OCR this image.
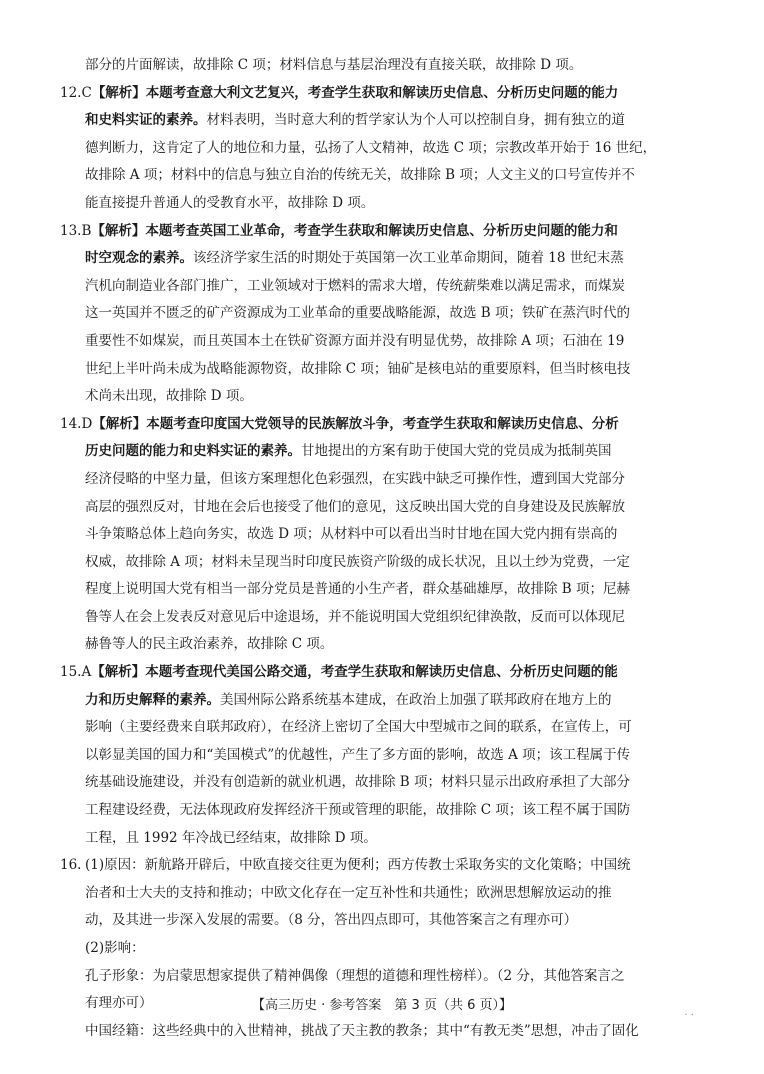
部分的片面解读，故排除 C 项；材料信息与基层治理没有直接关联，故排除 D 项。
12.C【解析】本题考查意大利文艺复兴，考查学生获取和解读历史信息、分析历史问题的能力
和史料实证的素养。材料表明，当时意大利的哲学家认为个人可以控制自身，拥有独立的道
德判断力，这肯定了人的地位和力量，弘扬了人文精神，故选 C 项；宗教改革开始于 16 世纪，
故排除 A 项；材料中的信息与独立自治的传统无关，故排除 B 项；人文主义的口号宣传并不
能直接提升普通人的受教育水平，故排除 D 项。
13.B【解析】本题考查英国工业革命，考查学生获取和解读历史信息、分析历史问题的能力和
时空观念的素养。该经济学家生活的时期处于英国第一次工业革命期间，随着 18 世纪末蒸
汽机向制造业各部门推广，工业领域对于燃料的需求大增，传统薪柴难以满足需求，而煤炭
这一英国并不匮乏的矿产资源成为工业革命的重要战略能源，故选 B 项；铁矿在蒸汽时代的
重要性不如煤炭，而且英国本土在铁矿资源方面并没有明显优势，故排除 A 项；石油在 19
世纪上半叶尚未成为战略能源物资，故排除 C 项；铀矿是核电站的重要原料，但当时核电技
术尚未出现，故排除 D 项。
14.D【解析】本题考查印度国大党领导的民族解放斗争，考查学生获取和解读历史信息、分析
历史问题的能力和史料实证的素养。甘地提出的方案有助于使国大党的党员成为抵制英国
经济侵略的中坚力量，但该方案理想化色彩强烈，在实践中缺乏可操作性，遭到国大党部分
高层的强烈反对，甘地在会后也接受了他们的意见，这反映出国大党的自身建设及民族解放
斗争策略总体上趋向务实，故选 D 项；从材料中可以看出当时甘地在国大党内拥有崇高的
权威，故排除 A 项；材料未呈现当时印度民族资产阶级的成长状况，且以土纱为党费，一定
程度上说明国大党有相当一部分党员是普通的小生产者，群众基础雄厚，故排除 B 项；尼赫
鲁等人在会上发表反对意见后中途退场，并不能说明国大党组织纪律涣散，反而可以体现尼
赫鲁等人的民主政治素养，故排除 C 项。
15.A【解析】本题考查现代美国公路交通，考查学生获取和解读历史信息、分析历史问题的能
力和历史解释的素养。美国州际公路系统基本建成，在政治上加强了联邦政府在地方上的
影响（主要经费来自联邦政府），在经济上密切了全国大中型城市之间的联系，在宣传上，可
以彰显美国的国力和“美国模式”的优越性，产生了多方面的影响，故选 A 项；该工程属于传
统基础设施建设，并没有创造新的就业机遇，故排除 B 项；材料只显示出政府承担了大部分
工程建设经费，无法体现政府发挥经济干预或管理的职能，故排除 C 项；该工程不属于国防
工程，且 1992 年冷战已经结束，故排除 D 项。
16. (1)原因：新航路开辟后，中欧直接交往更为便利；西方传教士采取务实的文化策略；中国统
治者和士大夫的支持和推动；中欧文化存在一定互补性和共通性；欧洲思想解放运动的推
动，及其进一步深入发展的需要。（8 分，答出四点即可，其他答案言之有理亦可）
(2)影响：
孔子形象：为启蒙思想家提供了精神偶像（理想的道德和理性榜样）。（2 分，其他答案言之
有理亦可）
中国经籍：这些经典中的入世精神，挑战了天主教的教条；其中“有教无类”思想，冲击了固化
【高三历史 · 参考答案　第 3 页（共 6 页）】
· ·
